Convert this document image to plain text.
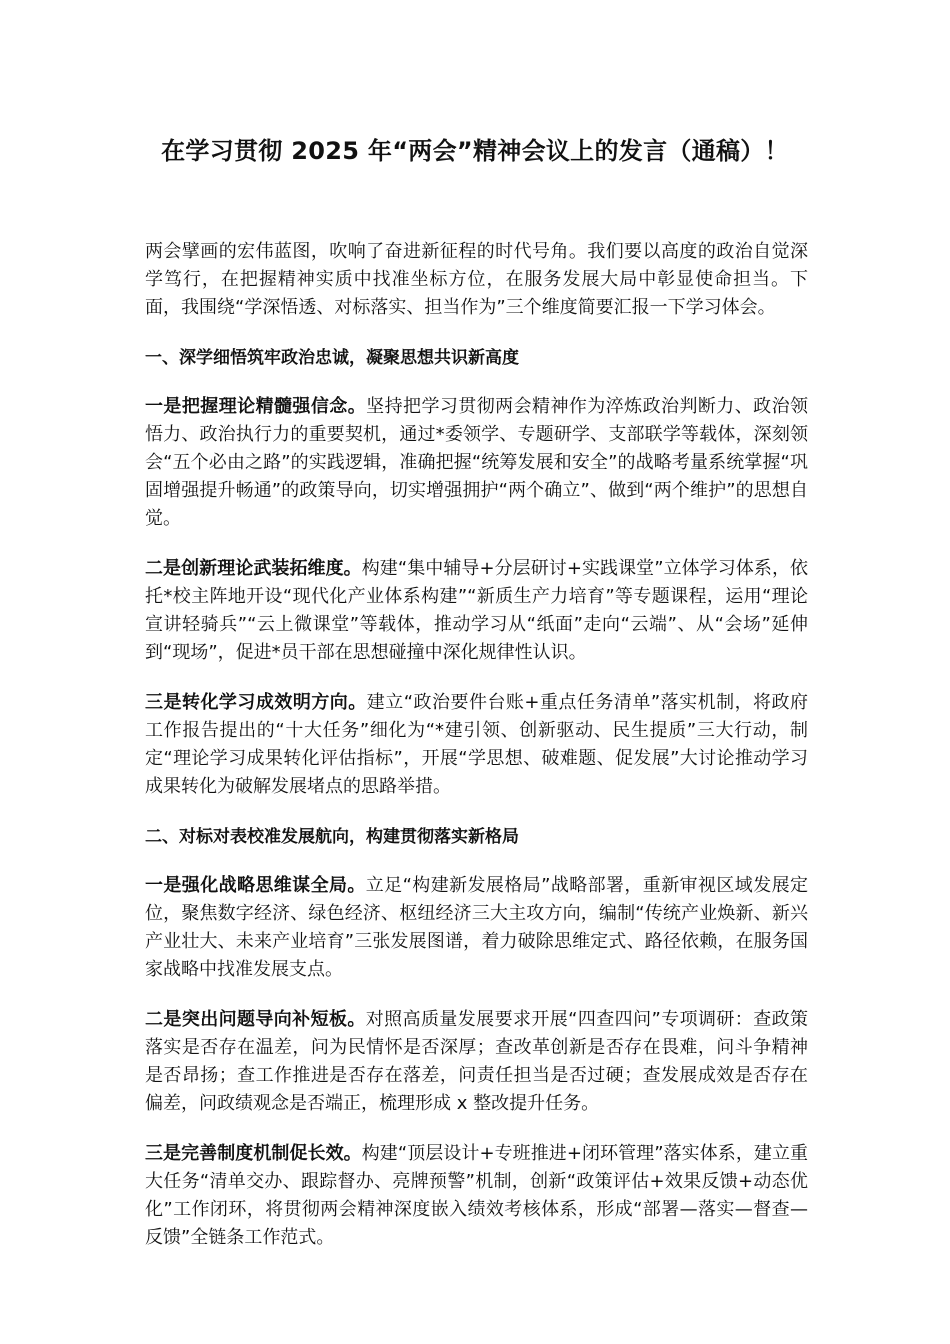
在学习贯彻 2025 年“两会”精神会议上的发言（通稿）！

两会擘画的宏伟蓝图，吹响了奋进新征程的时代号角。我们要以高度的政治自觉深学笃行，在把握精神实质中找准坐标方位，在服务发展大局中彰显使命担当。下面，我围绕“学深悟透、对标落实、担当作为”三个维度简要汇报一下学习体会。

一、深学细悟筑牢政治忠诚，凝聚思想共识新高度

一是把握理论精髓强信念。坚持把学习贯彻两会精神作为淬炼政治判断力、政治领悟力、政治执行力的重要契机，通过*委领学、专题研学、支部联学等载体，深刻领会“五个必由之路”的实践逻辑，准确把握“统筹发展和安全”的战略考量系统掌握“巩固增强提升畅通”的政策导向，切实增强拥护“两个确立”、做到“两个维护”的思想自觉。

二是创新理论武装拓维度。构建“集中辅导+分层研讨+实践课堂”立体学习体系，依托*校主阵地开设“现代化产业体系构建”“新质生产力培育”等专题课程，运用“理论宣讲轻骑兵”“云上微课堂”等载体，推动学习从“纸面”走向“云端”、从“会场”延伸到“现场”，促进*员干部在思想碰撞中深化规律性认识。

三是转化学习成效明方向。建立“政治要件台账+重点任务清单”落实机制，将政府工作报告提出的“十大任务”细化为“*建引领、创新驱动、民生提质”三大行动，制定“理论学习成果转化评估指标”，开展“学思想、破难题、促发展”大讨论推动学习成果转化为破解发展堵点的思路举措。

二、对标对表校准发展航向，构建贯彻落实新格局

一是强化战略思维谋全局。立足“构建新发展格局”战略部署，重新审视区域发展定位，聚焦数字经济、绿色经济、枢纽经济三大主攻方向，编制“传统产业焕新、新兴产业壮大、未来产业培育”三张发展图谱，着力破除思维定式、路径依赖，在服务国家战略中找准发展支点。

二是突出问题导向补短板。对照高质量发展要求开展“四查四问”专项调研：查政策落实是否存在温差，问为民情怀是否深厚；查改革创新是否存在畏难，问斗争精神是否昂扬；查工作推进是否存在落差，问责任担当是否过硬；查发展成效是否存在偏差，问政绩观念是否端正，梳理形成 x 整改提升任务。

三是完善制度机制促长效。构建“顶层设计+专班推进+闭环管理”落实体系，建立重大任务“清单交办、跟踪督办、亮牌预警”机制，创新“政策评估+效果反馈+动态优化”工作闭环，将贯彻两会精神深度嵌入绩效考核体系，形成“部署—落实—督查—反馈”全链条工作范式。
